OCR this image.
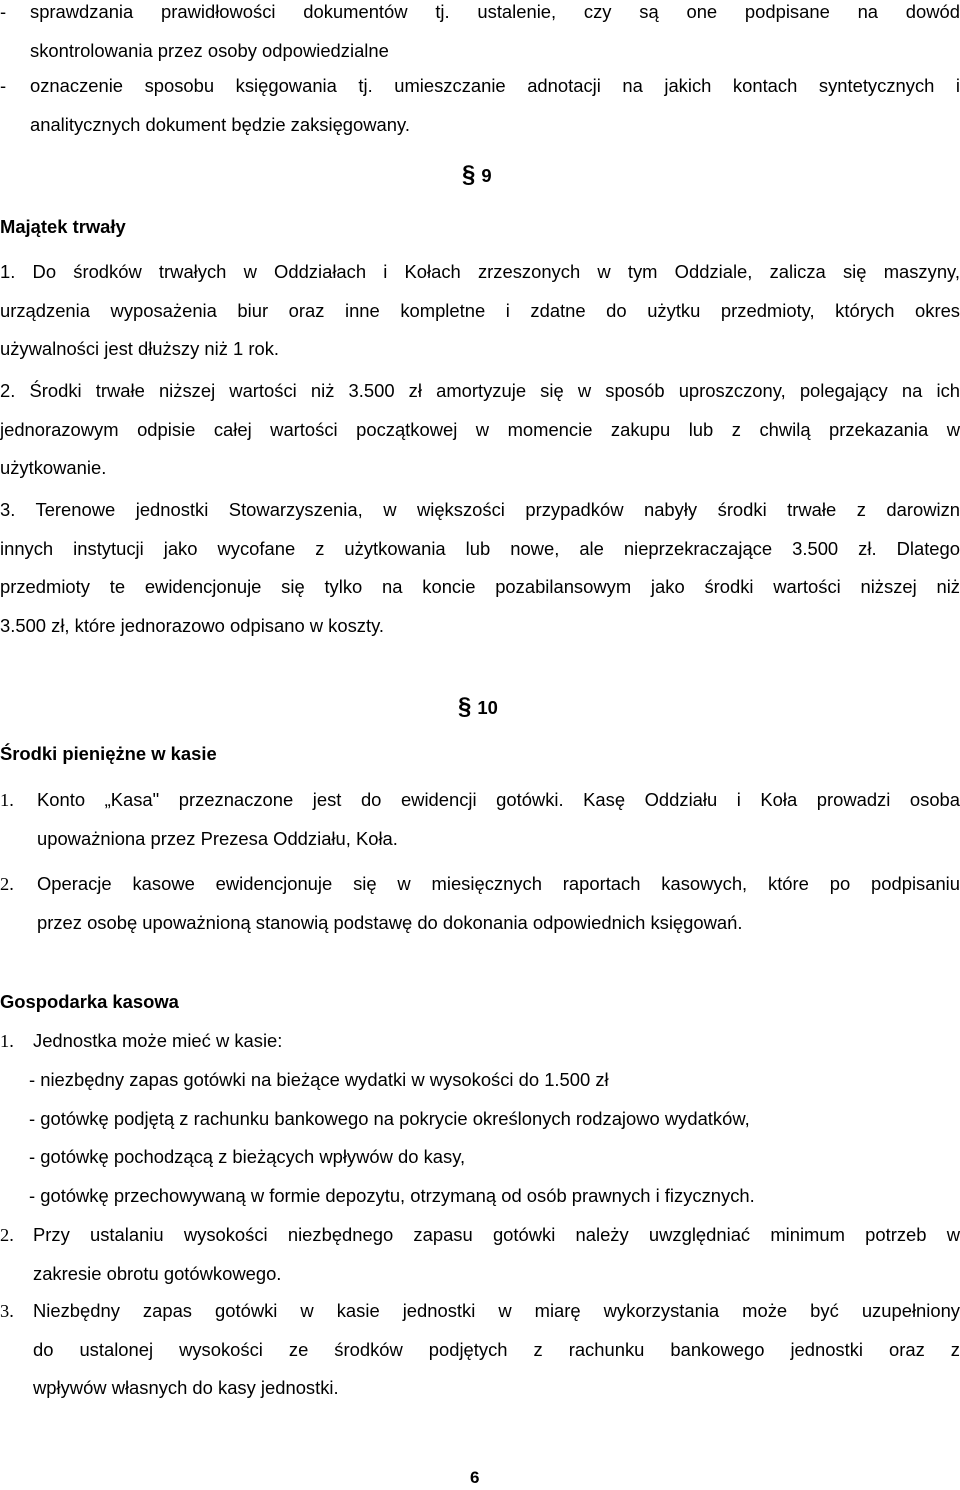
- sprawdzania prawidłowości dokumentów tj. ustalenie, czy są one podpisane na dowód
skontrolowania przez osoby odpowiedzialne
- oznaczenie sposobu księgowania tj. umieszczanie adnotacji na jakich kontach syntetycznych i
analitycznych dokument będzie zaksięgowany.
§ 9
Majątek trwały
1. Do środków trwałych w Oddziałach i Kołach zrzeszonych w tym Oddziale, zalicza się maszyny,
urządzenia wyposażenia biur oraz inne kompletne i zdatne do użytku przedmioty, których okres
używalności jest dłuższy niż 1 rok.
2. Środki trwałe niższej wartości niż 3.500 zł amortyzuje się w sposób uproszczony, polegający na ich
jednorazowym odpisie całej wartości początkowej w momencie zakupu lub z chwilą przekazania w
użytkowanie.
3. Terenowe jednostki Stowarzyszenia, w większości przypadków nabyły środki trwałe z darowizn
innych instytucji jako wycofane z użytkowania lub nowe, ale nieprzekraczające 3.500 zł. Dlatego
przedmioty te ewidencjonuje się tylko na koncie pozabilansowym jako środki wartości niższej niż
3.500 zł, które jednorazowo odpisano w koszty.
§ 10
Środki pieniężne w kasie
1. Konto „Kasa" przeznaczone jest do ewidencji gotówki. Kasę Oddziału i Koła prowadzi osoba
upoważniona przez Prezesa Oddziału, Koła.
2. Operacje kasowe ewidencjonuje się w miesięcznych raportach kasowych, które po podpisaniu
przez osobę upoważnioną stanowią podstawę do dokonania odpowiednich księgowań.
Gospodarka kasowa
1. Jednostka może mieć w kasie:
- niezbędny zapas gotówki na bieżące wydatki w wysokości do 1.500 zł
- gotówkę podjętą z rachunku bankowego na pokrycie określonych rodzajowo wydatków,
- gotówkę pochodzącą z bieżących wpływów do kasy,
- gotówkę przechowywaną w formie depozytu, otrzymaną od osób prawnych i fizycznych.
2. Przy ustalaniu wysokości niezbędnego zapasu gotówki należy uwzględniać minimum potrzeb w
zakresie obrotu gotówkowego.
3. Niezbędny zapas gotówki w kasie jednostki w miarę wykorzystania może być uzupełniony
do ustalonej wysokości ze środków podjętych z rachunku bankowego jednostki oraz z
wpływów własnych do kasy jednostki.
6
